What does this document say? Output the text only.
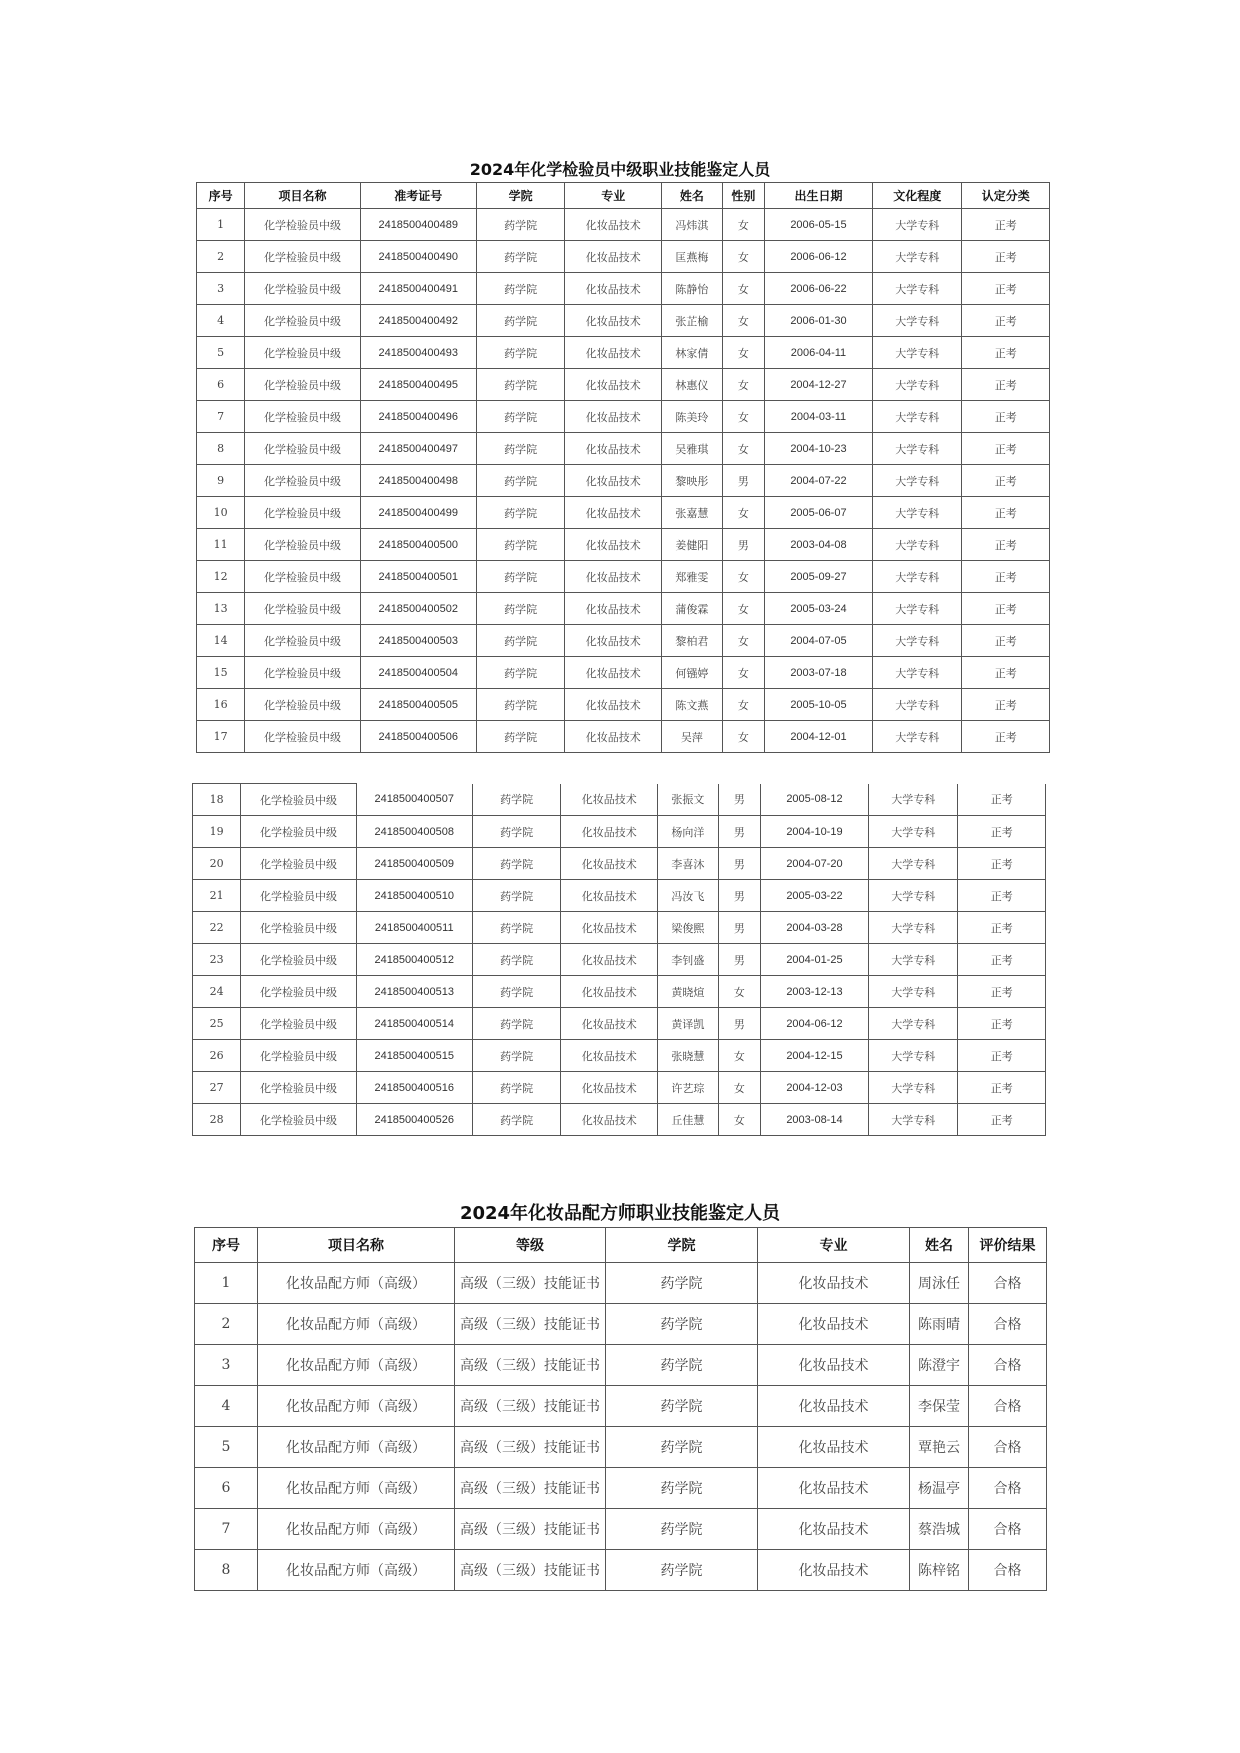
2024年化学检验员中级职业技能鉴定人员
序号	项目名称	准考证号	学院	专业	姓名	性别	出生日期	文化程度	认定分类
1	化学检验员中级	2418500400489	药学院	化妆品技术	冯炜淇	女	2006-05-15	大学专科	正考
2	化学检验员中级	2418500400490	药学院	化妆品技术	匡燕梅	女	2006-06-12	大学专科	正考
3	化学检验员中级	2418500400491	药学院	化妆品技术	陈静怡	女	2006-06-22	大学专科	正考
4	化学检验员中级	2418500400492	药学院	化妆品技术	张芷榆	女	2006-01-30	大学专科	正考
5	化学检验员中级	2418500400493	药学院	化妆品技术	林家倩	女	2006-04-11	大学专科	正考
6	化学检验员中级	2418500400495	药学院	化妆品技术	林惠仪	女	2004-12-27	大学专科	正考
7	化学检验员中级	2418500400496	药学院	化妆品技术	陈美玲	女	2004-03-11	大学专科	正考
8	化学检验员中级	2418500400497	药学院	化妆品技术	吴雅琪	女	2004-10-23	大学专科	正考
9	化学检验员中级	2418500400498	药学院	化妆品技术	黎映彤	男	2004-07-22	大学专科	正考
10	化学检验员中级	2418500400499	药学院	化妆品技术	张嘉慧	女	2005-06-07	大学专科	正考
11	化学检验员中级	2418500400500	药学院	化妆品技术	姜健阳	男	2003-04-08	大学专科	正考
12	化学检验员中级	2418500400501	药学院	化妆品技术	郑雅雯	女	2005-09-27	大学专科	正考
13	化学检验员中级	2418500400502	药学院	化妆品技术	蒲俊霖	女	2005-03-24	大学专科	正考
14	化学检验员中级	2418500400503	药学院	化妆品技术	黎柏君	女	2004-07-05	大学专科	正考
15	化学检验员中级	2418500400504	药学院	化妆品技术	何镪婷	女	2003-07-18	大学专科	正考
16	化学检验员中级	2418500400505	药学院	化妆品技术	陈文燕	女	2005-10-05	大学专科	正考
17	化学检验员中级	2418500400506	药学院	化妆品技术	吴萍	女	2004-12-01	大学专科	正考
18	化学检验员中级	2418500400507	药学院	化妆品技术	张振文	男	2005-08-12	大学专科	正考
19	化学检验员中级	2418500400508	药学院	化妆品技术	杨向洋	男	2004-10-19	大学专科	正考
20	化学检验员中级	2418500400509	药学院	化妆品技术	李喜沐	男	2004-07-20	大学专科	正考
21	化学检验员中级	2418500400510	药学院	化妆品技术	冯汝飞	男	2005-03-22	大学专科	正考
22	化学检验员中级	2418500400511	药学院	化妆品技术	梁俊熙	男	2004-03-28	大学专科	正考
23	化学检验员中级	2418500400512	药学院	化妆品技术	李钊盛	男	2004-01-25	大学专科	正考
24	化学检验员中级	2418500400513	药学院	化妆品技术	黄晓煊	女	2003-12-13	大学专科	正考
25	化学检验员中级	2418500400514	药学院	化妆品技术	黄译凯	男	2004-06-12	大学专科	正考
26	化学检验员中级	2418500400515	药学院	化妆品技术	张晓慧	女	2004-12-15	大学专科	正考
27	化学检验员中级	2418500400516	药学院	化妆品技术	许艺琮	女	2004-12-03	大学专科	正考
28	化学检验员中级	2418500400526	药学院	化妆品技术	丘佳慧	女	2003-08-14	大学专科	正考
2024年化妆品配方师职业技能鉴定人员
序号	项目名称	等级	学院	专业	姓名	评价结果
1	化妆品配方师（高级）	高级（三级）技能证书	药学院	化妆品技术	周泳任	合格
2	化妆品配方师（高级）	高级（三级）技能证书	药学院	化妆品技术	陈雨晴	合格
3	化妆品配方师（高级）	高级（三级）技能证书	药学院	化妆品技术	陈澄宇	合格
4	化妆品配方师（高级）	高级（三级）技能证书	药学院	化妆品技术	李保莹	合格
5	化妆品配方师（高级）	高级（三级）技能证书	药学院	化妆品技术	覃艳云	合格
6	化妆品配方师（高级）	高级（三级）技能证书	药学院	化妆品技术	杨温亭	合格
7	化妆品配方师（高级）	高级（三级）技能证书	药学院	化妆品技术	蔡浩城	合格
8	化妆品配方师（高级）	高级（三级）技能证书	药学院	化妆品技术	陈梓铭	合格
